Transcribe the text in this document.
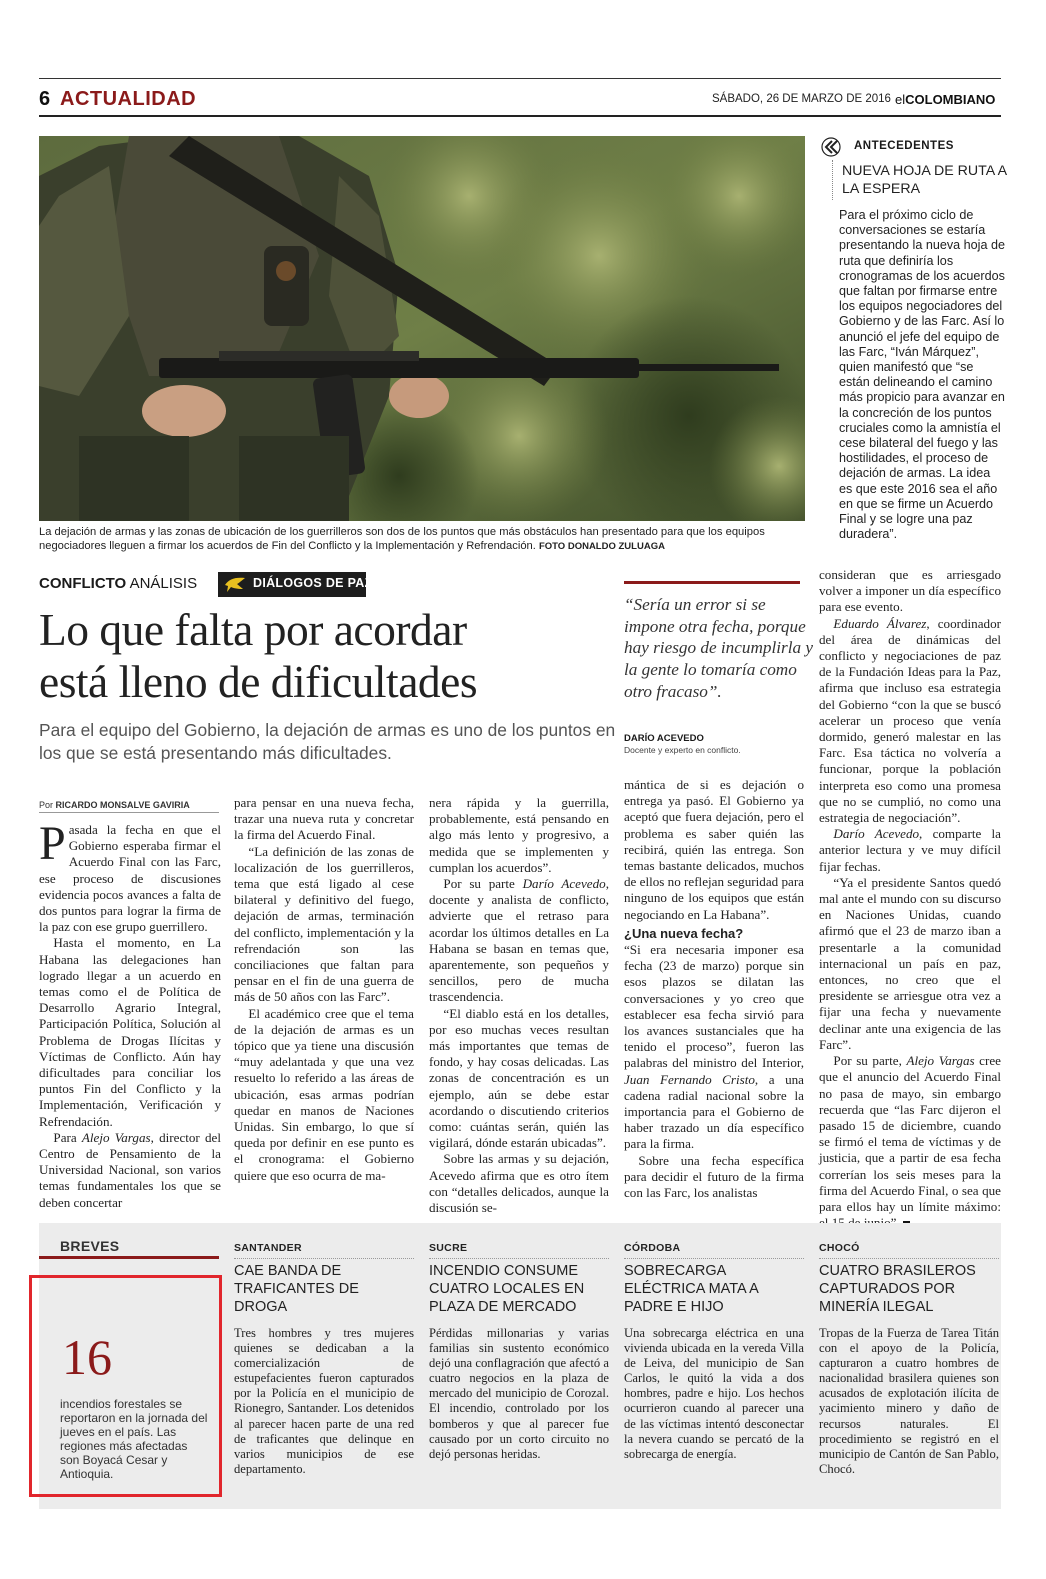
6 ACTUALIDAD	SÁBADO, 26 DE MARZO DE 2016 elCOLOMBIANO
La dejación de armas y las zonas de ubicación de los guerrilleros son dos de los puntos que más obstáculos han presentado para que los equipos negociadores lleguen a firmar los acuerdos de Fin del Conflicto y la Implementación y Refrendación. FOTO DONALDO ZULUAGA
ANTECEDENTES
NUEVA HOJA DE RUTA A LA ESPERA
Para el próximo ciclo de conversaciones se estaría presentando la nueva hoja de ruta que definiría los cronogramas de los acuerdos que faltan por firmarse entre los equipos negociadores del Gobierno y de las Farc. Así lo anunció el jefe del equipo de las Farc, “Iván Márquez”, quien manifestó que “se están delineando el camino más propicio para avanzar en la concreción de los puntos cruciales como la amnistía el cese bilateral del fuego y las hostilidades, el proceso de dejación de armas. La idea es que este 2016 sea el año en que se firme un Acuerdo Final y se logre una paz duradera”.
CONFLICTO ANÁLISIS	DIÁLOGOS DE PAZ
Lo que falta por acordar
está lleno de dificultades
Para el equipo del Gobierno, la dejación de armas es uno de los puntos en los que se está presentando más dificultades.
“Sería un error si se impone otra fecha, porque hay riesgo de incumplirla y la gente lo tomaría como otro fracaso”.
DARÍO ACEVEDO
Docente y experto en conflicto.
Por RICARDO MONSALVE GAVIRIA

Pasada la fecha en que el Gobierno esperaba firmar el Acuerdo Final con las Farc, ese proceso de discusiones evidencia pocos avances a falta de dos puntos para lograr la firma de la paz con ese grupo guerrillero.

Hasta el momento, en La Habana las delegaciones han logrado llegar a un acuerdo en temas como el de Política de Desarrollo Agrario Integral, Participación Política, Solución al Problema de Drogas Ilícitas y Víctimas de Conflicto. Aún hay dificultades para conciliar los puntos Fin del Conflicto y la Implementación, Verificación y Refrendación.

Para Alejo Vargas, director del Centro de Pensamiento de la Universidad Nacional, son varios temas fundamentales los que se deben concertar

para pensar en una nueva fecha, trazar una nueva ruta y concretar la firma del Acuerdo Final.

“La definición de las zonas de localización de los guerrilleros, tema que está ligado al cese bilateral y definitivo del fuego, dejación de armas, terminación del conflicto, implementación y la refrendación son las conciliaciones que faltan para pensar en el fin de una guerra de más de 50 años con las Farc”.

El académico cree que el tema de la dejación de armas es un tópico que ya tiene una discusión “muy adelantada y que una vez resuelto lo referido a las áreas de ubicación, esas armas podrían quedar en manos de Naciones Unidas. Sin embargo, lo que sí queda por definir en ese punto es el cronograma: el Gobierno quiere que eso ocurra de ma-

nera rápida y la guerrilla, probablemente, está pensando en algo más lento y progresivo, a medida que se implementen y cumplan los acuerdos”.

Por su parte Darío Acevedo, docente y analista de conflicto, advierte que el retraso para acordar los últimos detalles en La Habana se basan en temas que, aparentemente, son pequeños y sencillos, pero de mucha trascendencia.

“El diablo está en los detalles, por eso muchas veces resultan más importantes que temas de fondo, y hay cosas delicadas. Las zonas de concentración es un ejemplo, aún se debe estar acordando o discutiendo criterios como: cuántas serán, quién las vigilará, dónde estarán ubicadas”.

Sobre las armas y su dejación, Acevedo afirma que es otro ítem con “detalles delicados, aunque la discusión se-

mántica de si es dejación o entrega ya pasó. El Gobierno ya aceptó que fuera dejación, pero el problema es saber quién las recibirá, quién las entrega. Son temas bastante delicados, muchos de ellos no reflejan seguridad para ninguno de los equipos que están negociando en La Habana”.

¿Una nueva fecha?

“Si era necesaria imponer esa fecha (23 de marzo) porque sin esos plazos se dilatan las conversaciones y yo creo que establecer esa fecha sirvió para los avances sustanciales que ha tenido el proceso”, fueron las palabras del ministro del Interior, Juan Fernando Cristo, a una cadena radial nacional sobre la importancia para el Gobierno de haber trazado un día específico para la firma.

Sobre una fecha específica para decidir el futuro de la firma con las Farc, los analistas

consideran que es arriesgado volver a imponer un día específico para ese evento.

Eduardo Álvarez, coordinador del área de dinámicas del conflicto y negociaciones de paz de la Fundación Ideas para la Paz, afirma que incluso esa estrategia del Gobierno “con la que se buscó acelerar un proceso que venía dormido, generó malestar en las Farc. Esa táctica no volvería a funcionar, porque la población interpreta eso como una promesa que no se cumplió, no como una estrategia de negociación”.

Darío Acevedo, comparte la anterior lectura y ve muy difícil fijar fechas.

“Ya el presidente Santos quedó mal ante el mundo con su discurso en Naciones Unidas, cuando afirmó que el 23 de marzo iban a presentarle a la comunidad internacional un país en paz, entonces, no creo que el presidente se arriesgue otra vez a fijar una fecha y nuevamente declinar ante una exigencia de las Farc”.

Por su parte, Alejo Vargas cree que el anuncio del Acuerdo Final no pasa de mayo, sin embargo recuerda que “las Farc dijeron el pasado 15 de diciembre, cuando se firmó el tema de víctimas y de justicia, que a partir de esa fecha correrían los seis meses para la firma del Acuerdo Final, o sea que para ellos hay un límite máximo:

BREVES
16
incendios forestales se reportaron en la jornada del jueves en el país. Las regiones más afectadas son Boyacá Cesar y Antioquia.
SANTANDER
CAE BANDA DE TRAFICANTES DE DROGA
Tres hombres y tres mujeres quienes se dedicaban a la comercialización de estupefacientes fueron capturados por la Policía en el municipio de Rionegro, Santander. Los detenidos al parecer hacen parte de una red de traficantes que delinque en varios municipios de ese departamento.
SUCRE
INCENDIO CONSUME CUATRO LOCALES EN PLAZA DE MERCADO
Pérdidas millonarias y varias familias sin sustento económico dejó una conflagración que afectó a cuatro negocios en la plaza de mercado del municipio de Corozal. El incendio, controlado por los bomberos y que al parecer fue causado por un corto circuito no dejó personas heridas.
CÓRDOBA
SOBRECARGA ELÉCTRICA MATA A PADRE E HIJO
Una sobrecarga eléctrica en una vivienda ubicada en la vereda Villa de Leiva, del municipio de San Carlos, le quitó la vida a dos hombres, padre e hijo. Los hechos ocurrieron cuando al parecer una de las víctimas intentó desconectar la nevera cuando se percató de la sobrecarga de energía.
CHOCÓ
CUATRO BRASILEROS CAPTURADOS POR MINERÍA ILEGAL
Tropas de la Fuerza de Tarea Titán con el apoyo de la Policía, capturaron a cuatro hombres de nacionalidad brasilera quienes son acusados de explotación ilícita de yacimiento minero y daño de recursos naturales. El procedimiento se registró en el municipio de Cantón de San Pablo, Chocó.
